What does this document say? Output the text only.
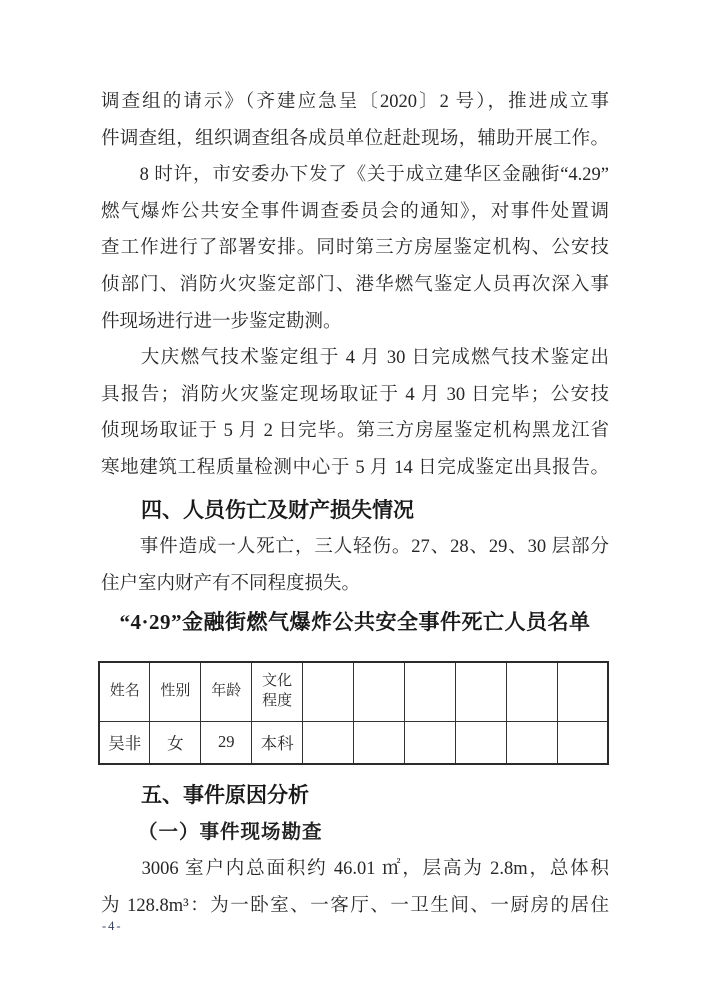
调查组的请示》（齐建应急呈〔2020〕2 号），推进成立事
件调查组，组织调查组各成员单位赶赴现场，辅助开展工作。
　　8 时许，市安委办下发了《关于成立建华区金融街“4.29”
燃气爆炸公共安全事件调查委员会的通知》，对事件处置调
查工作进行了部署安排。同时第三方房屋鉴定机构、公安技
侦部门、消防火灾鉴定部门、港华燃气鉴定人员再次深入事
件现场进行进一步鉴定勘测。
　　大庆燃气技术鉴定组于 4 月 30 日完成燃气技术鉴定出
具报告；消防火灾鉴定现场取证于 4 月 30 日完毕；公安技
侦现场取证于 5 月 2 日完毕。第三方房屋鉴定机构黑龙江省
寒地建筑工程质量检测中心于 5 月 14 日完成鉴定出具报告。
四、人员伤亡及财产损失情况
　　事件造成一人死亡，三人轻伤。27、28、29、30 层部分
住户室内财产有不同程度损失。
“4·29”金融街燃气爆炸公共安全事件死亡人员名单
姓名	性别	年龄	文化程度						
吴非	女	29	本科						
五、事件原因分析
（一）事件现场勘查
　　3006 室户内总面积约 46.01 ㎡，层高为 2.8m，总体积
为 128.8m³：为一卧室、一客厅、一卫生间、一厨房的居住
-4-
